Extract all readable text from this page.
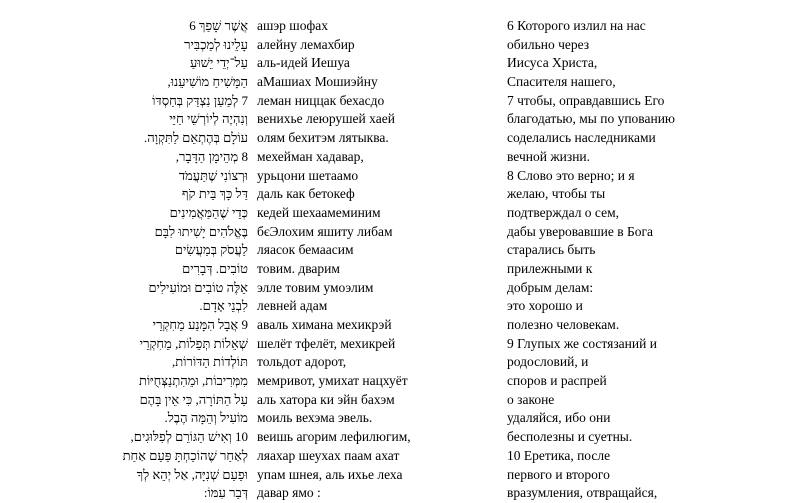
אֲשֶׁר שָׁפַךְ 6
עָלֵינוּ לְמַכְבִּיר
עַל־יְדֵי יֵשׁוּעַ
הַמָּשִׁיחַ מוֹשִׁיעֵנוּ,
7 לְמַעַן נִצְדַּק בְּחַסְדּוֹ
וְנִהְיֶה לְיוֹרְשֵׁי חַיֵּי
עוֹלָם בְּהֶתְאֵם לַתִּקְוָה.
8 מְהֵימָן הַדָּבָר,
וּרְצוֹנִי שֶׁתַּעֲמֹד
דַּל כָּךְ בֵּית קֹף
כְּדֵי שֶׁהַמַּאֲמִינִים
בֶּאֱלֹהִים יָשִׁיתוּ לִבָּם
לַעֲסֹק בְּמַעֲשִׂים
טוֹבִים. דְּבָרִים
אֵלֶּה טוֹבִים וּמוֹעִילִים
לִבְנֵי אָדָם.
9 אֲבָל הִמָּנַע מֵחִקְרֵי
שְׁאֵלוֹת תְּפֵלוֹת, מֵחִקְרֵי
תּוֹלְדוֹת הַדּוֹרוֹת,
מִמְּרִיבוֹת, וּמֵהִתְנַצְּחֻיּוֹת
עַל הַתּוֹרָה, כִּי אֵין בָּהֶם
מוֹעִיל וְהֵמָּה הֶבֶל.
10 וְאִישׁ הַגּוֹרֵם לְפִלּוּגִים,
לְאַחַר שֶׁהוֹכַחְתָּ פַּעַם אַחַת
וּפַעַם שְׁנִיָּה, אַל יְהֵא לְךָ
דְּבַר עִמּוֹ:
ашэр шофах
алейну лемахбир
аль-идей Иешуа
аМашиах Мошиэйну
леман ниццак бехасдо
венихье леюрушей хаей
олям бехитэм лятыква.
мехейман хадавар,
урьцони шетаамо
даль как бетокеф
кедей шехаамеминим
бєЭлохим яшиту либам
ляасок бемаасим
товим. дварим
элле товим умоэлим
левней адам
аваль химана мехикрэй
шелёт тфелёт, мехикрей
тольдот адорот,
мемривот, умихат нацхуёт
аль хатора ки эйн бахэм
моиль вехэма эвель.
веишь агорим лефилюгим,
ляахар шеухах паам ахат
упам шнея, аль ихье леха
давар ямо :
6 Которого излил на нас
обильно через
Иисуса Христа,
Спасителя нашего,
7 чтобы, оправдавшись Его
благодатью, мы по упованию
соделались наследниками
вечной жизни.
8 Слово это верно; и я
желаю, чтобы ты
подтверждал о сем,
дабы уверовавшие в Бога
старались быть
прилежными к
добрым делам:
это хорошо и
полезно человекам.
9 Глупых же состязаний и
родословий, и
споров и распрей
о законе
удаляйся, ибо они
бесполезны и суетны.
10 Еретика, после
первого и второго
вразумления, отвращайся,
